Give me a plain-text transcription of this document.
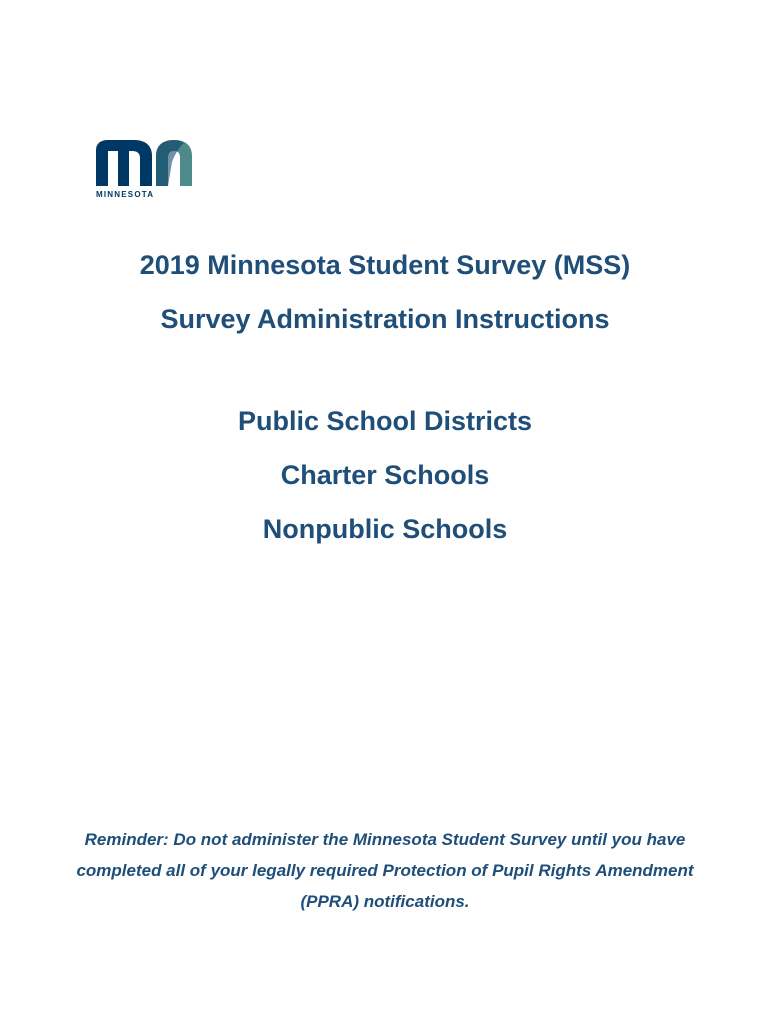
MINNESOTA
2019 Minnesota Student Survey (MSS)
Survey Administration Instructions
Public School Districts
Charter Schools
Nonpublic Schools
Reminder: Do not administer the Minnesota Student Survey until you have completed all of your legally required Protection of Pupil Rights Amendment (PPRA) notifications.
